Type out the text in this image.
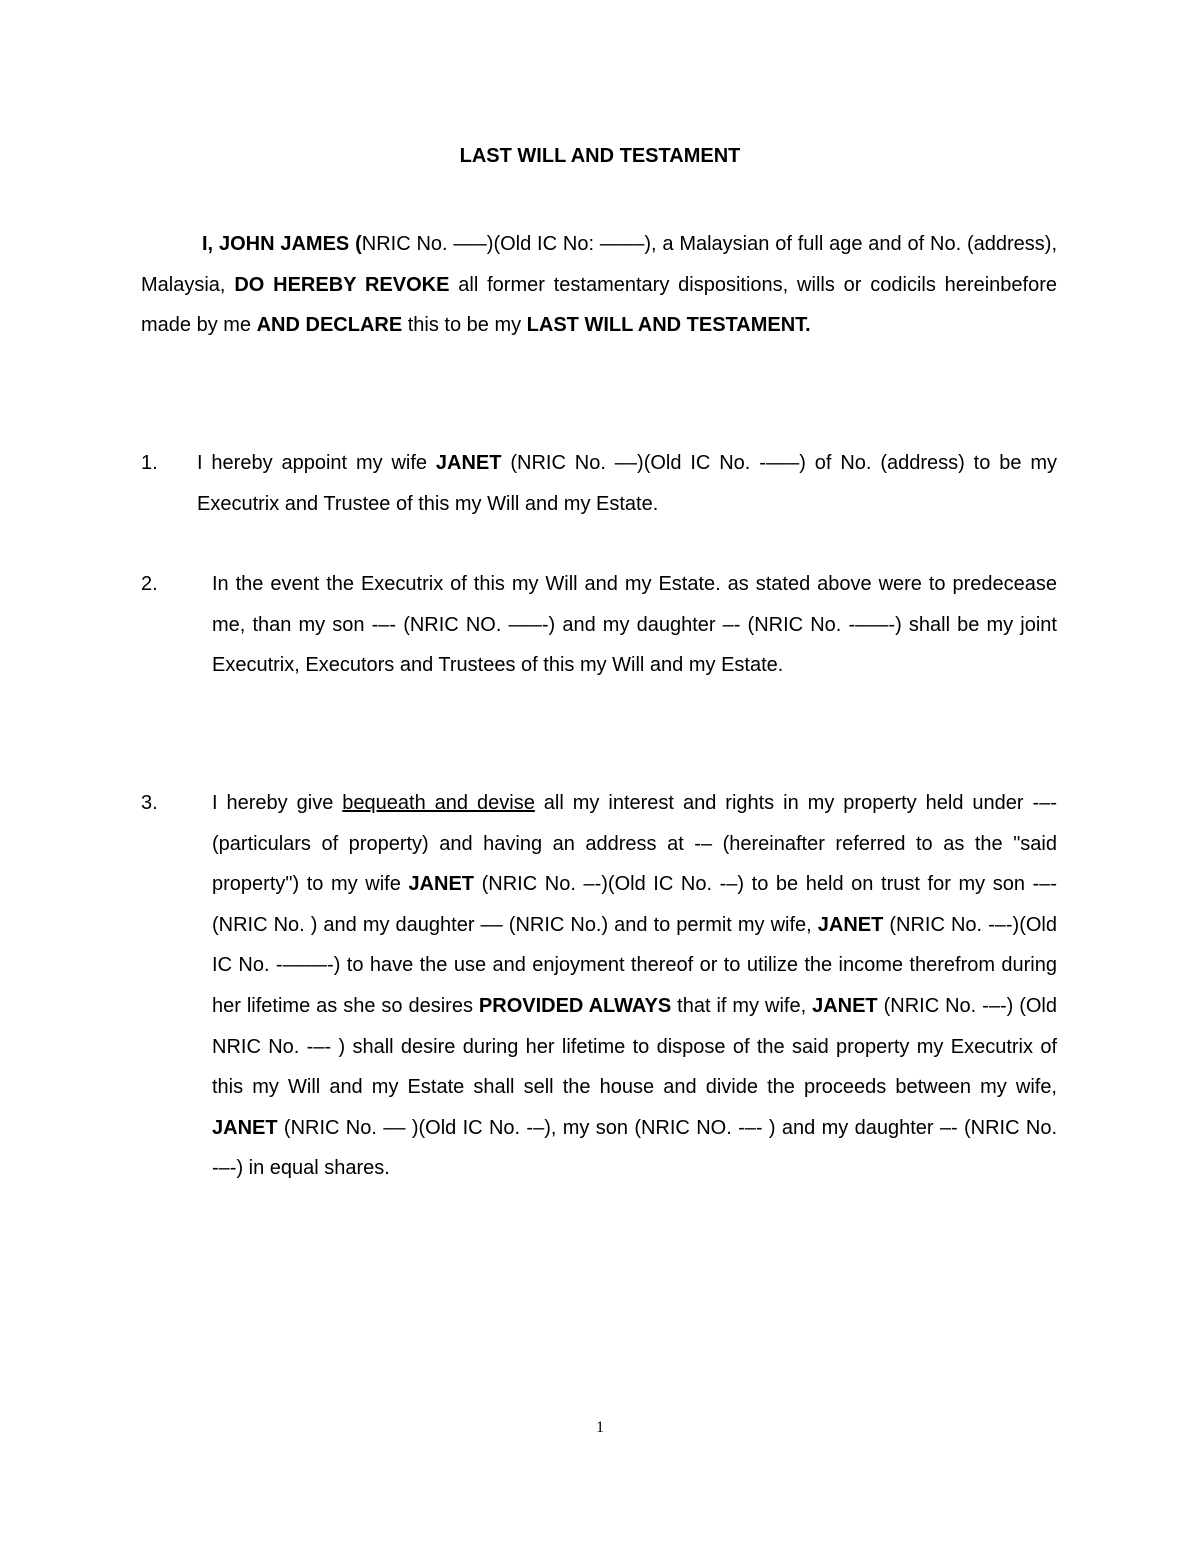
LAST WILL AND TESTAMENT
I, JOHN JAMES (NRIC No. –––)(Old IC No: ––––), a Malaysian of full age and of No. (address), Malaysia, DO HEREBY REVOKE all former testamentary dispositions, wills or codicils hereinbefore made by me AND DECLARE this to be my LAST WILL AND TESTAMENT.
1. I hereby appoint my wife JANET (NRIC No. ––)(Old IC No. -–––) of No. (address) to be my Executrix and Trustee of this my Will and my Estate.
2.	In the event the Executrix of this my Will and my Estate. as stated above were to predecease me, than my son -–- (NRIC NO. –––-) and my daughter –- (NRIC No. -–––-) shall be my joint Executrix, Executors and Trustees of this my Will and my Estate.
3.	I hereby give bequeath and devise all my interest and rights in my property held under -–- (particulars of property) and having an address at -– (hereinafter referred to as the "said property") to my wife JANET (NRIC No. –-)(Old IC No. -–) to be held on trust for my son -–- (NRIC No. ) and my daughter –– (NRIC No.) and to permit my wife, JANET (NRIC No. -–-)(Old IC No. -––––-) to have the use and enjoyment thereof or to utilize the income therefrom during her lifetime as she so desires PROVIDED ALWAYS that if my wife, JANET (NRIC No. -–-) (Old NRIC No. -–- ) shall desire during her lifetime to dispose of the said property my Executrix of this my Will and my Estate shall sell the house and divide the proceeds between my wife, JANET (NRIC No. –– )(Old IC No. -–), my son (NRIC NO. -–- ) and my daughter –- (NRIC No. -–-) in equal shares.
1
